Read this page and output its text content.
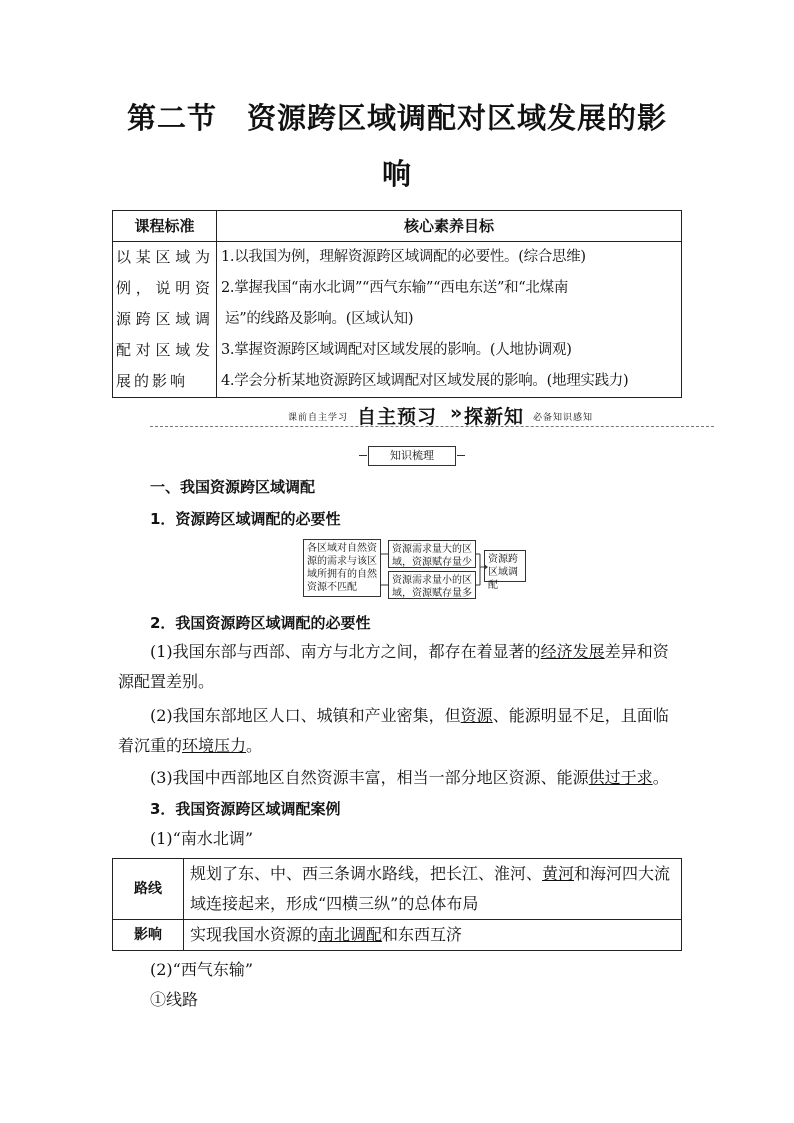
第二节　资源跨区域调配对区域发展的影
响
课程标准	核心素养目标
以某区域为例，说明资源跨区域调配对区域发展的影响	1.以我国为例，理解资源跨区域调配的必要性。(综合思维)
2.掌握我国“南水北调”“西气东输”“西电东送”和“北煤南
运”的线路及影响。(区域认知)
3.掌握资源跨区域调配对区域发展的影响。(人地协调观)
4.学会分析某地资源跨区域调配对区域发展的影响。(地理实践力)
课前自主学习 自主预习 » 探新知 必备知识感知
知识梳理
一、我国资源跨区域调配
1．资源跨区域调配的必要性
各区域对自然资源的需求与该区域所拥有的自然资源不匹配
资源需求量大的区域，资源赋存量少
资源需求量小的区域，资源赋存量多
资源跨区域调配
2．我国资源跨区域调配的必要性
(1)我国东部与西部、南方与北方之间，都存在着显著的经济发展差异和资
源配置差别。
(2)我国东部地区人口、城镇和产业密集，但资源、能源明显不足，且面临
着沉重的环境压力。
(3)我国中西部地区自然资源丰富，相当一部分地区资源、能源供过于求。
3．我国资源跨区域调配案例
(1)“南水北调”
路线	规划了东、中、西三条调水路线，把长江、淮河、黄河和海河四大流
域连接起来，形成“四横三纵”的总体布局
影响	实现我国水资源的南北调配和东西互济
(2)“西气东输”
①线路
